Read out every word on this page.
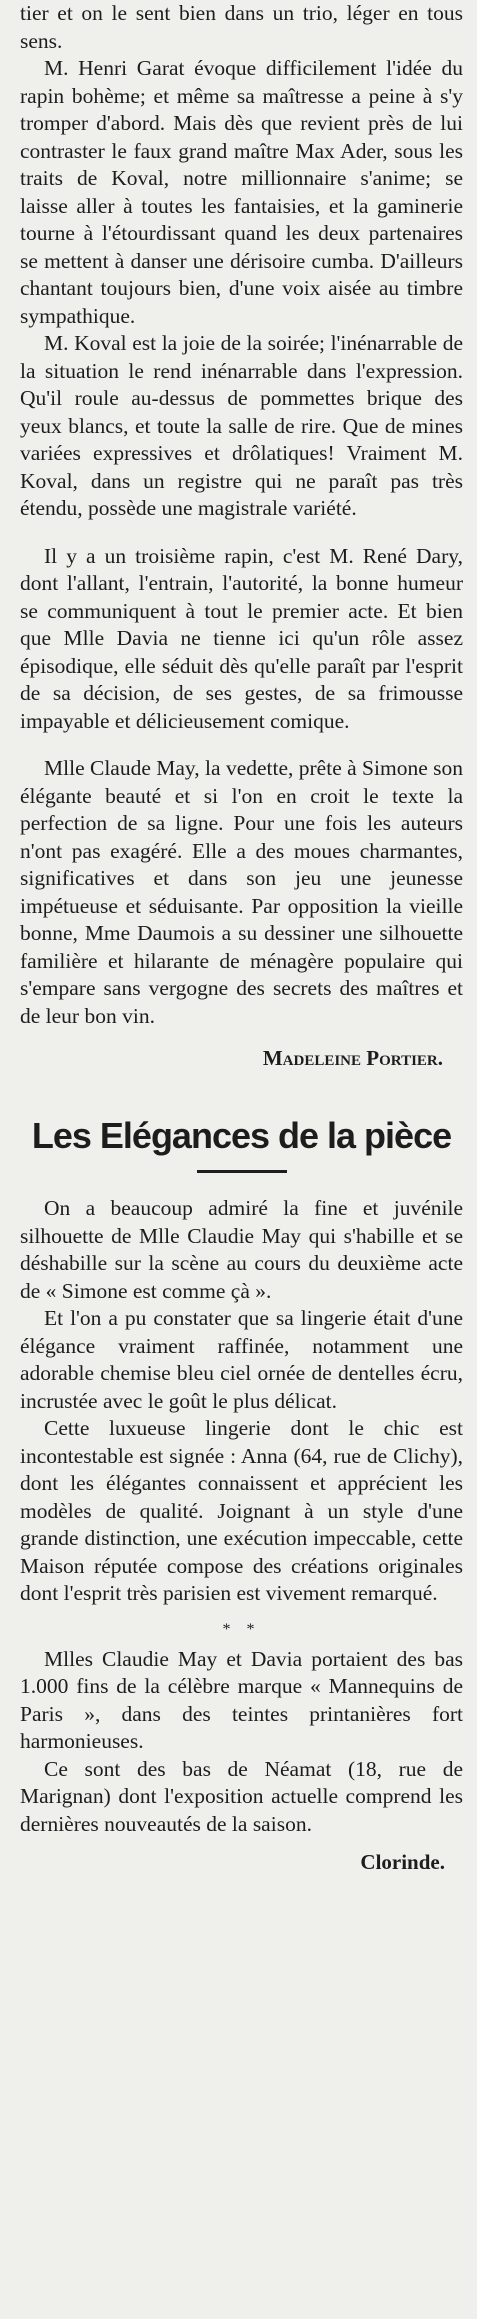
tier et on le sent bien dans un trio, léger en tous sens.

M. Henri Garat évoque difficilement l'idée du rapin bohème; et même sa maîtresse a peine à s'y tromper d'abord. Mais dès que revient près de lui contraster le faux grand maître Max Ader, sous les traits de Koval, notre millionnaire s'anime; se laisse aller à toutes les fantaisies, et la gaminerie tourne à l'étourdissant quand les deux partenaires se mettent à danser une dérisoire cumba. D'ailleurs chantant toujours bien, d'une voix aisée au timbre sympathique.

M. Koval est la joie de la soirée; l'inénarrable de la situation le rend inénarrable dans l'expression. Qu'il roule au-dessus de pommettes brique des yeux blancs, et toute la salle de rire. Que de mines variées expressives et drôlatiques! Vraiment M. Koval, dans un registre qui ne paraît pas très étendu, possède une magistrale variété.

Il y a un troisième rapin, c'est M. René Dary, dont l'allant, l'entrain, l'autorité, la bonne humeur se communiquent à tout le premier acte. Et bien que Mlle Davia ne tienne ici qu'un rôle assez épisodique, elle séduit dès qu'elle paraît par l'esprit de sa décision, de ses gestes, de sa frimousse impayable et délicieusement comique.

Mlle Claude May, la vedette, prête à Simone son élégante beauté et si l'on en croit le texte la perfection de sa ligne. Pour une fois les auteurs n'ont pas exagéré. Elle a des moues charmantes, significatives et dans son jeu une jeunesse impétueuse et séduisante. Par opposition la vieille bonne, Mme Daumois a su dessiner une silhouette familière et hilarante de ménagère populaire qui s'empare sans vergogne des secrets des maîtres et de leur bon vin.

Madeleine Portier.

Les Elégances de la pièce

On a beaucoup admiré la fine et juvénile silhouette de Mlle Claudie May qui s'habille et se déshabille sur la scène au cours du deuxième acte de « Simone est comme çà ».

Et l'on a pu constater que sa lingerie était d'une élégance vraiment raffinée, notamment une adorable chemise bleu ciel ornée de dentelles écru, incrustée avec le goût le plus délicat.

Cette luxueuse lingerie dont le chic est incontestable est signée : Anna (64, rue de Clichy), dont les élégantes connaissent et apprécient les modèles de qualité. Joignant à un style d'une grande distinction, une exécution impeccable, cette Maison réputée compose des créations originales dont l'esprit très parisien est vivement remarqué.

* *

Mlles Claudie May et Davia portaient des bas 1.000 fins de la célèbre marque « Mannequins de Paris », dans des teintes printanières fort harmonieuses.

Ce sont des bas de Néamat (18, rue de Marignan) dont l'exposition actuelle comprend les dernières nouveautés de la saison.

Clorinde.
